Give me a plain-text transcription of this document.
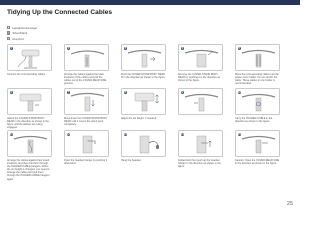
Tidying Up the Connected Cables
Headphone/Ledger
Silver/black
Grey/red
1
Connect the corresponding cables.
2
Arrange the cables against the back locations of the cables and pull the cables out of the COVER-REAR SIDE grooves.
3
Push the COVER-STAND BODY REAR R in the direction as shown in the figure.
4
Remove the COVER-STAND BODY REAR by pushing it in the direction as shown in the figure.
5
Place the corresponding cables into the power cover holder. Do not stretch the cable. These cables in one holder is recommended.
6
Attach the COVER-STAND BODY REAR in the direction as shown in the figure until the latches are being engaged.
7
Move down the COVER-STAND BODY REAR until it covers the stand neck completely.
8
Adjust the set height, if required.
9	10
Carry the HOLDER-CABLE in the direction as shown in the figure.
11
Arrange the cables against their stand locations, and then pull them through the HOLDER-CABLE hangers. When the set height is changed, you need to arrange the cables and pull them through the HOLDER-CABLE hangers again.
12
Open the headset hanger by pushing it downward.
13
Hang the headset.
14
Folded lock then push up the headset hanger in the direction as shown in the figure.
15
Caution: Open the COVER-REAR SIDE in the direction as shown in the figure.
25
